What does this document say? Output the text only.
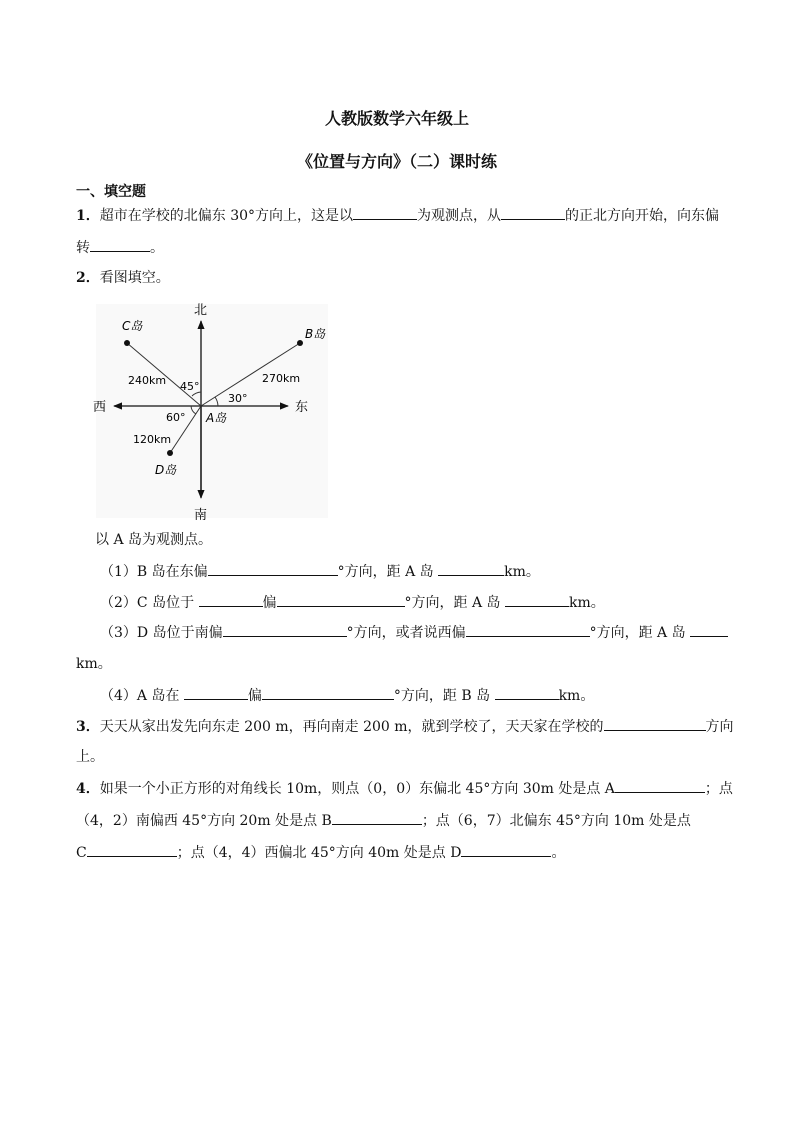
人教版数学六年级上
《位置与方向》（二）课时练
一、填空题
1．超市在学校的北偏东 30°方向上，这是以	为观测点，从	的正北方向开始，向东偏
转	。
2．看图填空。
北
南
西	东
A岛
B岛
C岛
D岛
270km
240km
120km
30°
45°
60°
以 A 岛为观测点。
（1）B 岛在东偏	°方向，距 A 岛	km。
（2）C 岛位于	偏	°方向，距 A 岛	km。
（3）D 岛位于南偏	°方向，或者说西偏	°方向，距 A 岛
km。
（4）A 岛在	偏	°方向，距 B 岛	km。
3．天天从家出发先向东走 200 m，再向南走 200 m，就到学校了，天天家在学校的	方向
上。
4．如果一个小正方形的对角线长 10m，则点（0，0）东偏北 45°方向 30m 处是点 A	；点
（4，2）南偏西 45°方向 20m 处是点 B	；点（6，7）北偏东 45°方向 10m 处是点
C	；点（4，4）西偏北 45°方向 40m 处是点 D	。
